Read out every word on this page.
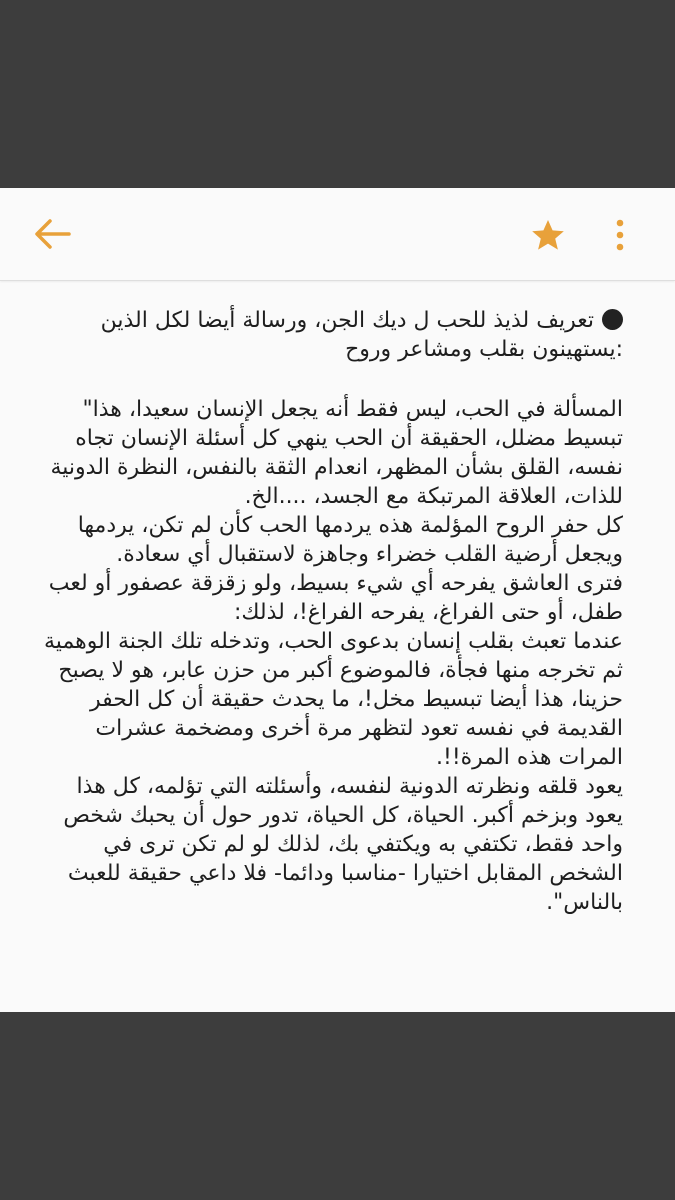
تعريف لذيذ للحب ل ديك الجن، ورسالة أيضا لكل الذين
:يستهينون بقلب ومشاعر وروح
المسألة في الحب، ليس فقط أنه يجعل الإنسان سعيدا، هذا" تبسيط مضلل، الحقيقة أن الحب ينهي كل أسئلة الإنسان تجاه نفسه، القلق بشأن المظهر، انعدام الثقة بالنفس، النظرة الدونية للذات، العلاقة المرتبكة مع الجسد، ....الخ.
كل حفر الروح المؤلمة هذه يردمها الحب كأن لم تكن، يردمها ويجعل أرضية القلب خضراء وجاهزة لاستقبال أي سعادة.
فترى العاشق يفرحه أي شيء بسيط، ولو زقزقة عصفور أو لعب طفل، أو حتى الفراغ، يفرحه الفراغ!، لذلك:
عندما تعبث بقلب إنسان بدعوى الحب، وتدخله تلك الجنة الوهمية ثم تخرجه منها فجأة، فالموضوع أكبر من حزن عابر، هو لا يصبح حزينا، هذا أيضا تبسيط مخل!، ما يحدث حقيقة أن كل الحفر القديمة في نفسه تعود لتظهر مرة أخرى ومضخمة عشرات المرات هذه المرة!!.
يعود قلقه ونظرته الدونية لنفسه، وأسئلته التي تؤلمه، كل هذا يعود وبزخم أكبر. الحياة، كل الحياة، تدور حول أن يحبك شخص واحد فقط، تكتفي به ويكتفي بك، لذلك لو لم تكن ترى في الشخص المقابل اختيارا -مناسبا ودائما- فلا داعي حقيقة للعبث بالناس".
